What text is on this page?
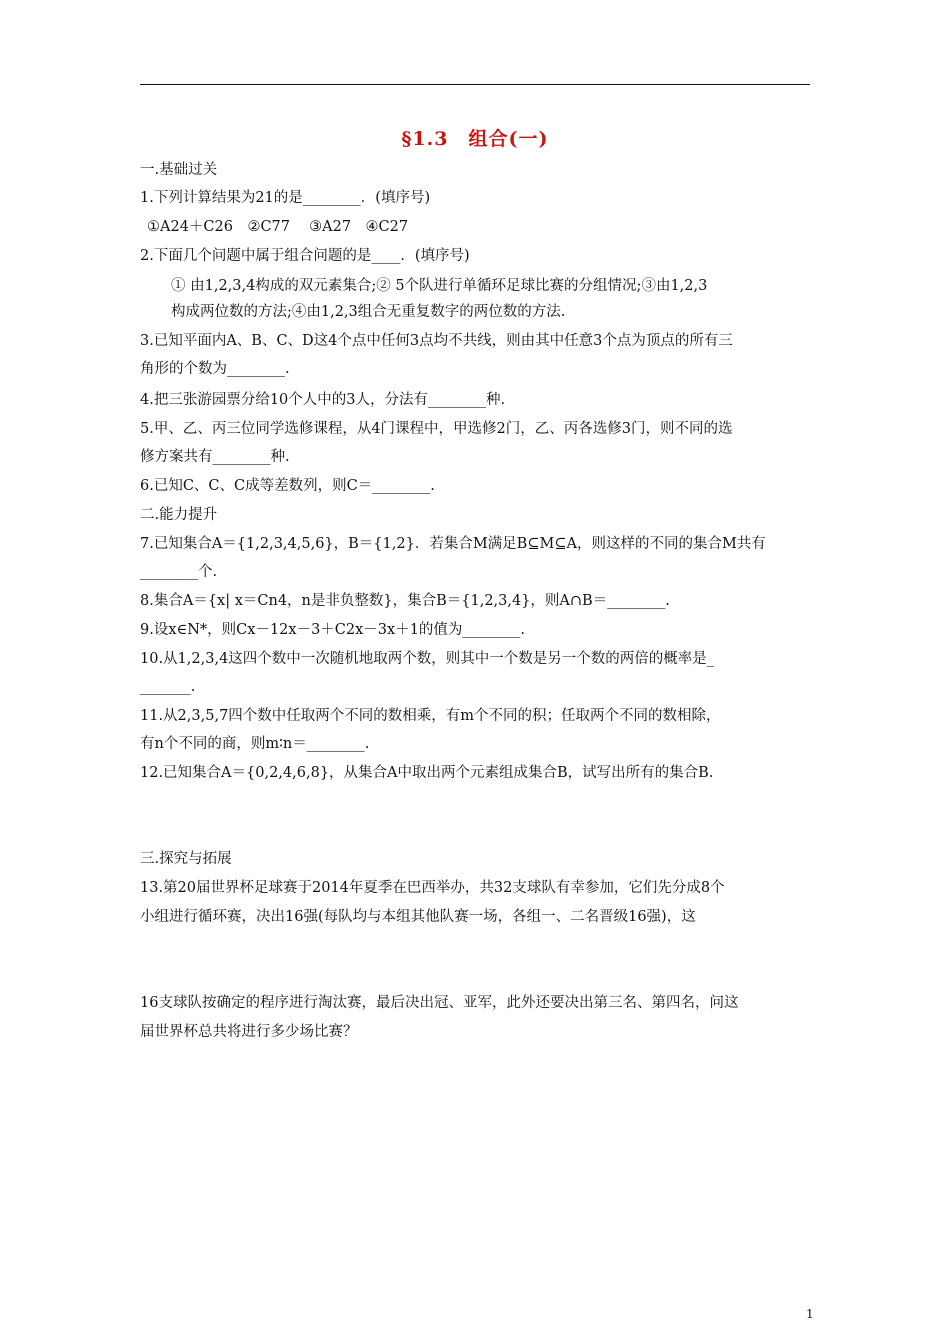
§1.3　组合(一)
一.基础过关
1.下列计算结果为21的是________．(填序号)
①A24＋C26　②C77　 ③A27　④C27
2.下面几个问题中属于组合问题的是____．(填序号)
① 由1,2,3,4构成的双元素集合;② 5个队进行单循环足球比赛的分组情况;③由1,2,3
构成两位数的方法;④由1,2,3组合无重复数字的两位数的方法.
3.已知平面内A、B、C、D这4个点中任何3点均不共线，则由其中任意3个点为顶点的所有三
角形的个数为________.
4.把三张游园票分给10个人中的3人，分法有________种.
5.甲、乙、丙三位同学选修课程，从4门课程中，甲选修2门，乙、丙各选修3门，则不同的选
修方案共有________种.
6.已知C、C、C成等差数列，则C＝________.
二.能力提升
7.已知集合A＝{1,2,3,4,5,6}，B＝{1,2}．若集合M满足B⊆M⊆A，则这样的不同的集合M共有
________个.
8.集合A＝{x| x＝Cn4，n是非负整数}，集合B＝{1,2,3,4}，则A∩B＝________.
9.设x∈N*，则Cx－12x－3＋C2x－3x＋1的值为________.
10.从1,2,3,4这四个数中一次随机地取两个数，则其中一个数是另一个数的两倍的概率是_
_______.
11.从2,3,5,7四个数中任取两个不同的数相乘，有m个不同的积；任取两个不同的数相除，
有n个不同的商，则m∶n＝________.
12.已知集合A＝{0,2,4,6,8}，从集合A中取出两个元素组成集合B，试写出所有的集合B.
三.探究与拓展
13.第20届世界杯足球赛于2014年夏季在巴西举办，共32支球队有幸参加，它们先分成8个
小组进行循环赛，决出16强(每队均与本组其他队赛一场，各组一、二名晋级16强)，这
16支球队按确定的程序进行淘汰赛，最后决出冠、亚军，此外还要决出第三名、第四名，问这
届世界杯总共将进行多少场比赛？
1
